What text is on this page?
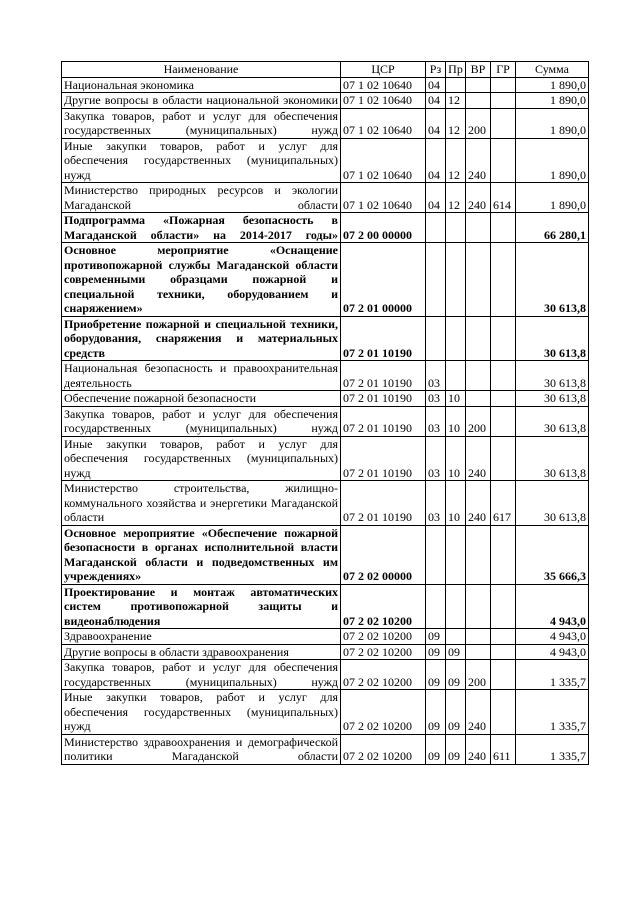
Наименование	ЦСР	Рз	Пр	ВР	ГР	Сумма
Национальная экономика	07 1 02 10640	04				1 890,0
Другие вопросы в области национальной экономики	07 1 02 10640	04	12			1 890,0
Закупка товаров, работ и услуг для обеспечения государственных (муниципальных) нужд	07 1 02 10640	04	12	200		1 890,0
Иные закупки товаров, работ и услуг для обеспечения государственных (муниципальных) нужд	07 1 02 10640	04	12	240		1 890,0
Министерство природных ресурсов и экологии Магаданской области	07 1 02 10640	04	12	240	614	1 890,0
Подпрограмма «Пожарная безопасность в Магаданской области» на 2014-2017 годы»	07 2 00 00000					66 280,1
Основное мероприятие «Оснащение противопожарной службы Магаданской области современными образцами пожарной и специальной техники, оборудованием и снаряжением»	07 2 01 00000					30 613,8
Приобретение пожарной и специальной техники, оборудования, снаряжения и материальных средств	07 2 01 10190					30 613,8
Национальная безопасность и правоохранительная деятельность	07 2 01 10190	03				30 613,8
Обеспечение пожарной безопасности	07 2 01 10190	03	10			30 613,8
Закупка товаров, работ и услуг для обеспечения государственных (муниципальных) нужд	07 2 01 10190	03	10	200		30 613,8
Иные закупки товаров, работ и услуг для обеспечения государственных (муниципальных) нужд	07 2 01 10190	03	10	240		30 613,8
Министерство строительства, жилищно-коммунального хозяйства и энергетики Магаданской области	07 2 01 10190	03	10	240	617	30 613,8
Основное мероприятие «Обеспечение пожарной безопасности в органах исполнительной власти Магаданской области и подведомственных им учреждениях»	07 2 02 00000					35 666,3
Проектирование и монтаж автоматических систем противопожарной защиты и видеонаблюдения	07 2 02 10200					4 943,0
Здравоохранение	07 2 02 10200	09				4 943,0
Другие вопросы в области здравоохранения	07 2 02 10200	09	09			4 943,0
Закупка товаров, работ и услуг для обеспечения государственных (муниципальных) нужд	07 2 02 10200	09	09	200		1 335,7
Иные закупки товаров, работ и услуг для обеспечения государственных (муниципальных) нужд	07 2 02 10200	09	09	240		1 335,7
Министерство здравоохранения и демографической политики Магаданской области	07 2 02 10200	09	09	240	611	1 335,7
